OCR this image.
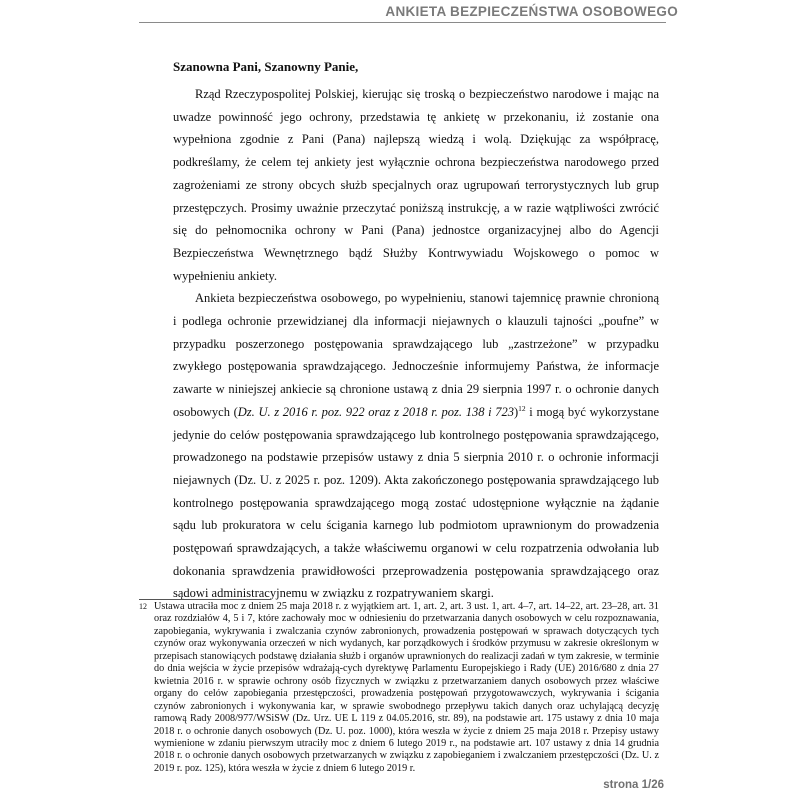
ANKIETA BEZPIECZEŃSTWA OSOBOWEGO

Szanowna Pani, Szanowny Panie,

Rząd Rzeczypospolitej Polskiej, kierując się troską o bezpieczeństwo narodowe i mając na uwadze powinność jego ochrony, przedstawia tę ankietę w przekonaniu, iż zostanie ona wypełniona zgodnie z Pani (Pana) najlepszą wiedzą i wolą. Dziękując za współpracę, podkreślamy, że celem tej ankiety jest wyłącznie ochrona bezpieczeństwa narodowego przed zagrożeniami ze strony obcych służb specjalnych oraz ugrupowań terrorystycznych lub grup przestępczych. Prosimy uważnie przeczytać poniższą instrukcję, a w razie wątpliwości zwrócić się do pełnomocnika ochrony w Pani (Pana) jednostce organizacyjnej albo do Agencji Bezpieczeństwa Wewnętrznego bądź Służby Kontrwywiadu Wojskowego o pomoc w wypełnieniu ankiety.

Ankieta bezpieczeństwa osobowego, po wypełnieniu, stanowi tajemnicę prawnie chronioną i podlega ochronie przewidzianej dla informacji niejawnych o klauzuli tajności „poufne” w przypadku poszerzonego postępowania sprawdzającego lub „zastrzeżone” w przypadku zwykłego postępowania sprawdzającego. Jednocześnie informujemy Państwa, że informacje zawarte w niniejszej ankiecie są chronione ustawą z dnia 29 sierpnia 1997 r. o ochronie danych osobowych (Dz. U. z 2016 r. poz. 922 oraz z 2018 r. poz. 138 i 723)$^{12}$ i mogą być wykorzystane jedynie do celów postępowania sprawdzającego lub kontrolnego postępowania sprawdzającego, prowadzonego na podstawie przepisów ustawy z dnia 5 sierpnia 2010 r. o ochronie informacji niejawnych (Dz. U. z 2025 r. poz. 1209). Akta zakończonego postępowania sprawdzającego lub kontrolnego postępowania sprawdzającego mogą zostać udostępnione wyłącznie na żądanie sądu lub prokuratora w celu ścigania karnego lub podmiotom uprawnionym do prowadzenia postępowań sprawdzających, a także właściwemu organowi w celu rozpatrzenia odwołania lub dokonania sprawdzenia prawidłowości przeprowadzenia postępowania sprawdzającego oraz sądowi administracyjnemu w związku z rozpatrywaniem skargi.

12 Ustawa utraciła moc z dniem 25 maja 2018 r. z wyjątkiem art. 1, art. 2, art. 3 ust. 1, art. 4–7, art. 14–22, art. 23–28, art. 31 oraz rozdziałów 4, 5 i 7, które zachowały moc w odniesieniu do przetwarzania danych osobowych w celu rozpoznawania, zapobiegania, wykrywania i zwalczania czynów zabronionych, prowadzenia postępowań w sprawach dotyczących tych czynów oraz wykonywania orzeczeń w nich wydanych, kar porządkowych i środków przymusu w zakresie określonym w przepisach stanowiących podstawę działania służb i organów uprawnionych do realizacji zadań w tym zakresie, w terminie do dnia wejścia w życie przepisów wdrażają-cych dyrektywę Parlamentu Europejskiego i Rady (UE) 2016/680 z dnia 27 kwietnia 2016 r. w sprawie ochrony osób fizycznych w związku z przetwarzaniem danych osobowych przez właściwe organy do celów zapobiegania przestępczości, prowadzenia postępowań przygotowawczych, wykrywania i ścigania czynów zabronionych i wykonywania kar, w sprawie swobodnego przepływu takich danych oraz uchylającą decyzję ramową Rady 2008/977/WSiSW (Dz. Urz. UE L 119 z 04.05.2016, str. 89), na podstawie art. 175 ustawy z dnia 10 maja 2018 r. o ochronie danych osobowych (Dz. U. poz. 1000), która weszła w życie z dniem 25 maja 2018 r. Przepisy ustawy wymienione w zdaniu pierwszym utraciły moc z dniem 6 lutego 2019 r., na podstawie art. 107 ustawy z dnia 14 grudnia 2018 r. o ochronie danych osobowych przetwarzanych w związku z zapobieganiem i zwalczaniem przestępczości (Dz. U. z 2019 r. poz. 125), która weszła w życie z dniem 6 lutego 2019 r.
strona 1/26
